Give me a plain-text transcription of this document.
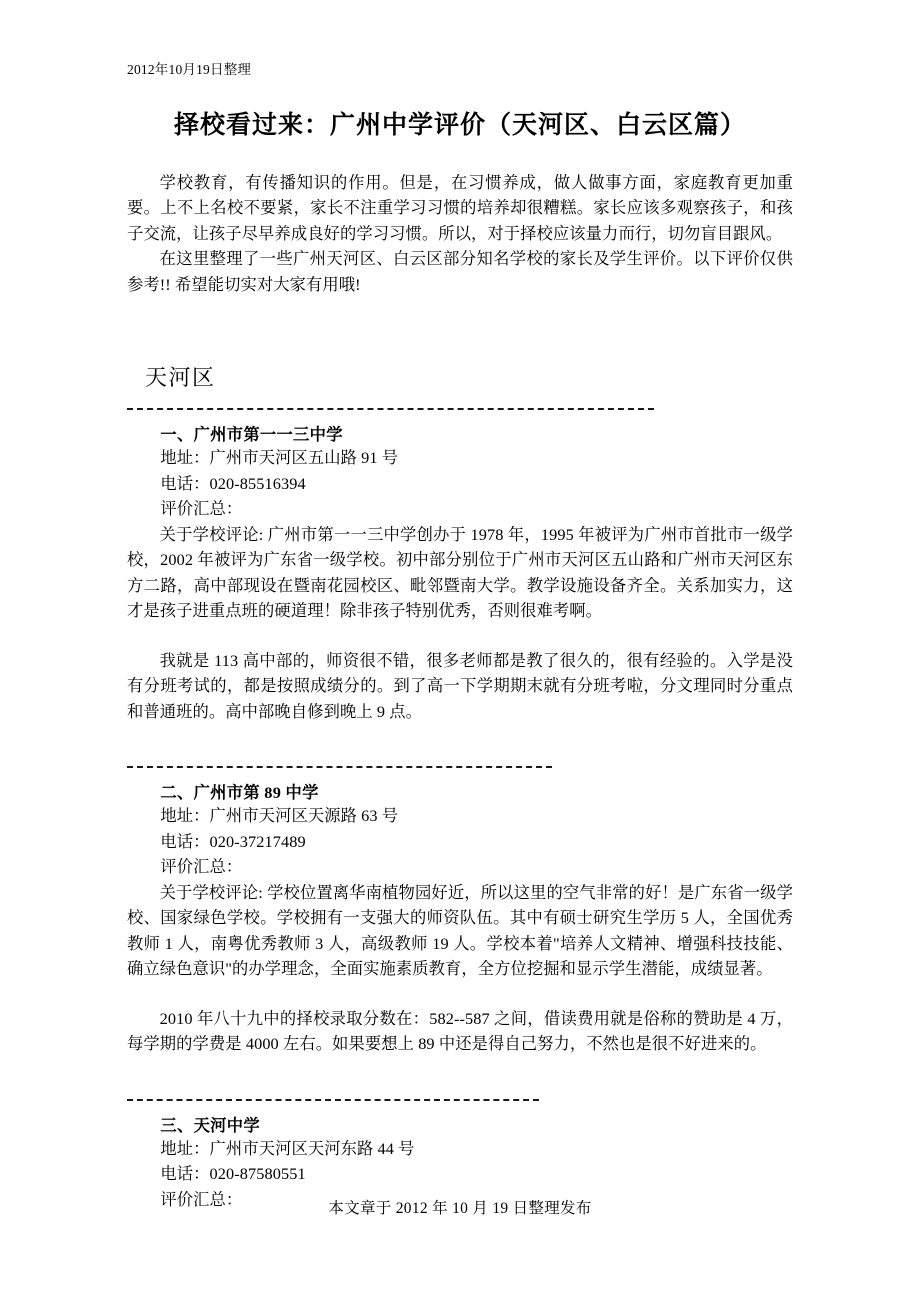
2012年10月19日整理
择校看过来：广州中学评价（天河区、白云区篇）

学校教育，有传播知识的作用。但是，在习惯养成，做人做事方面，家庭教育更加重要。上不上名校不要紧，家长不注重学习习惯的培养却很糟糕。家长应该多观察孩子，和孩子交流，让孩子尽早养成良好的学习习惯。所以，对于择校应该量力而行，切勿盲目跟风。

在这里整理了一些广州天河区、白云区部分知名学校的家长及学生评价。以下评价仅供参考!! 希望能切实对大家有用哦!

天河区
一、广州市第一一三中学
地址：广州市天河区五山路 91 号
电话：020-85516394
评价汇总：

关于学校评论: 广州市第一一三中学创办于 1978 年，1995 年被评为广州市首批市一级学校，2002 年被评为广东省一级学校。初中部分别位于广州市天河区五山路和广州市天河区东方二路，高中部现设在暨南花园校区、毗邻暨南大学。教学设施设备齐全。关系加实力，这才是孩子进重点班的硬道理！除非孩子特别优秀，否则很难考啊。

我就是 113 高中部的，师资很不错，很多老师都是教了很久的，很有经验的。入学是没有分班考试的，都是按照成绩分的。到了高一下学期期末就有分班考啦，分文理同时分重点和普通班的。高中部晚自修到晚上 9 点。

二、广州市第 89 中学
地址：广州市天河区天源路 63 号
电话：020-37217489
评价汇总：

关于学校评论: 学校位置离华南植物园好近，所以这里的空气非常的好！是广东省一级学校、国家绿色学校。学校拥有一支强大的师资队伍。其中有硕士研究生学历 5 人，全国优秀教师 1 人，南粤优秀教师 3 人，高级教师 19 人。学校本着"培养人文精神、增强科技技能、确立绿色意识"的办学理念，全面实施素质教育，全方位挖掘和显示学生潜能，成绩显著。

2010 年八十九中的择校录取分数在：582--587 之间，借读费用就是俗称的赞助是 4 万，每学期的学费是 4000 左右。如果要想上 89 中还是得自己努力，不然也是很不好进来的。

三、天河中学
地址：广州市天河区天河东路 44 号
电话：020-87580551
评价汇总：	本文章于 2012 年 10 月 19 日整理发布
